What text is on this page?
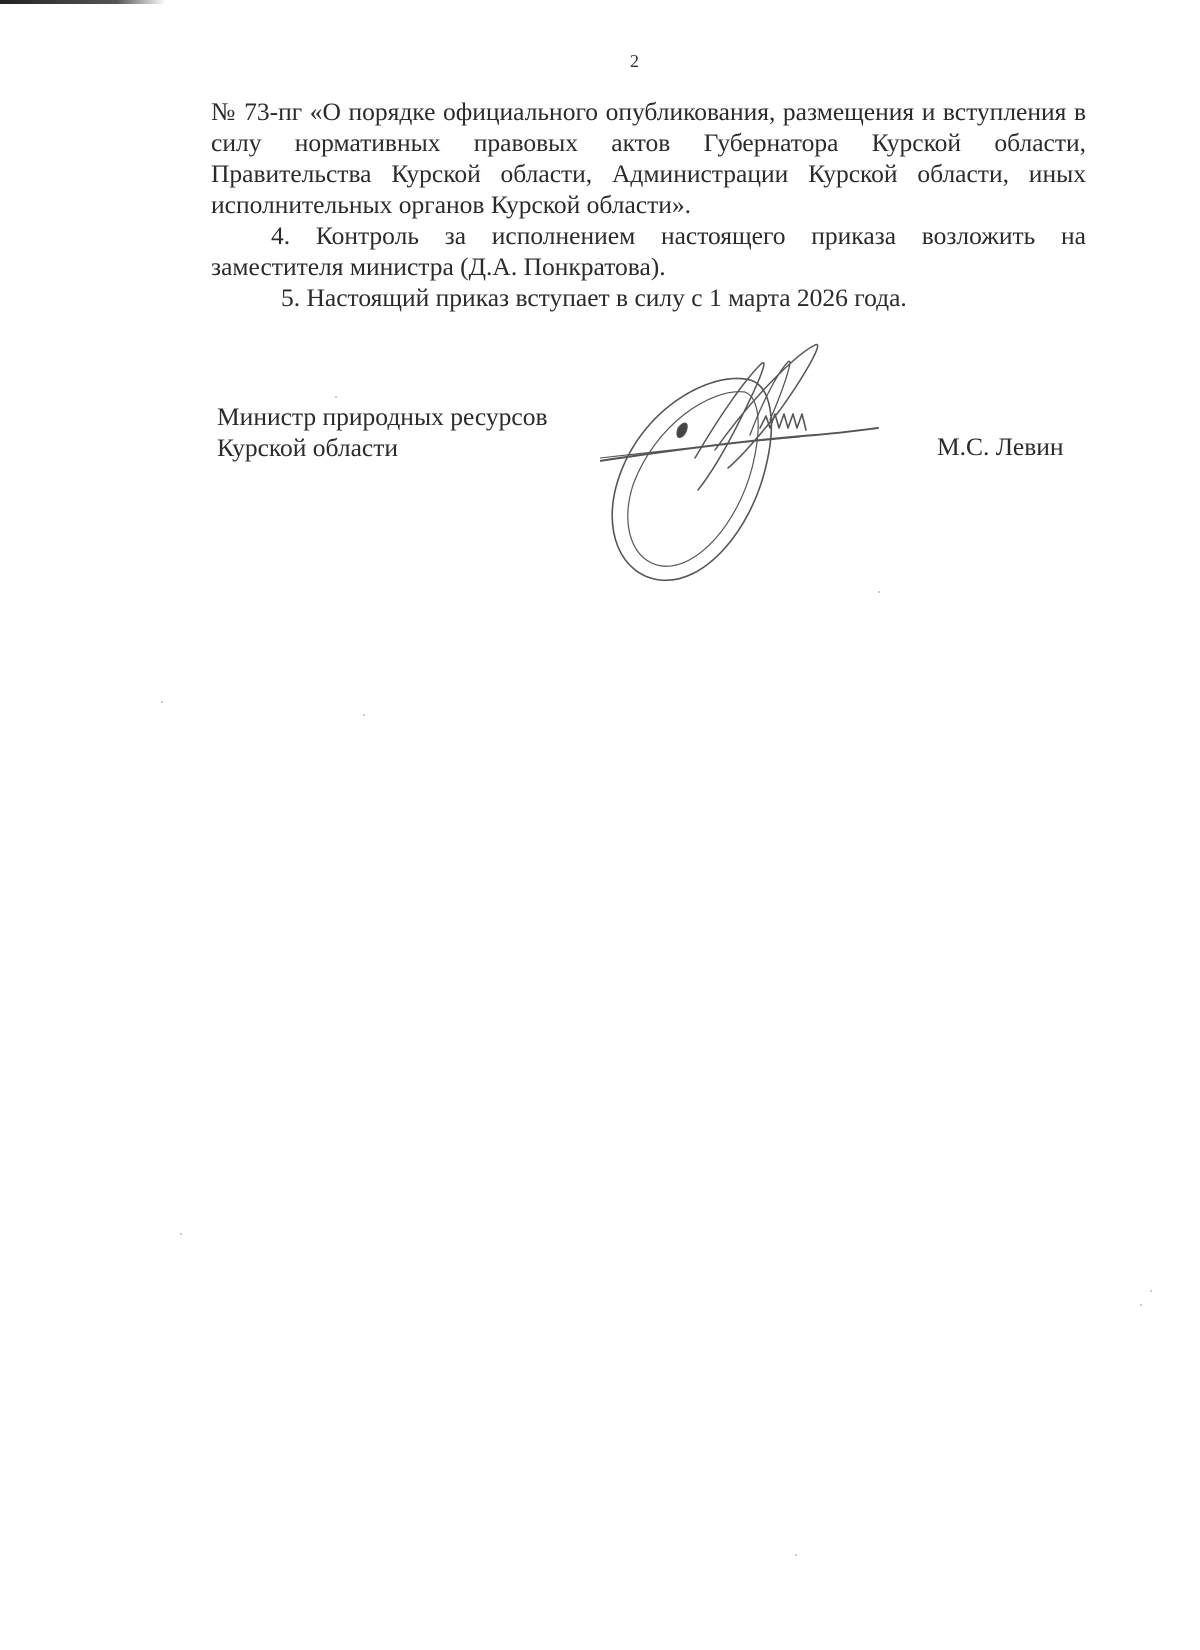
2

№ 73-пг «О порядке официального опубликования, размещения и вступления в силу нормативных правовых актов Губернатора Курской области, Правительства Курской области, Администрации Курской области, иных исполнительных органов Курской области».

4. Контроль за исполнением настоящего приказа возложить на заместителя министра (Д.А. Понкратова).

5. Настоящий приказ вступает в силу с 1 марта 2026 года.

Министр природных ресурсов
Курской области	М.С. Левин
